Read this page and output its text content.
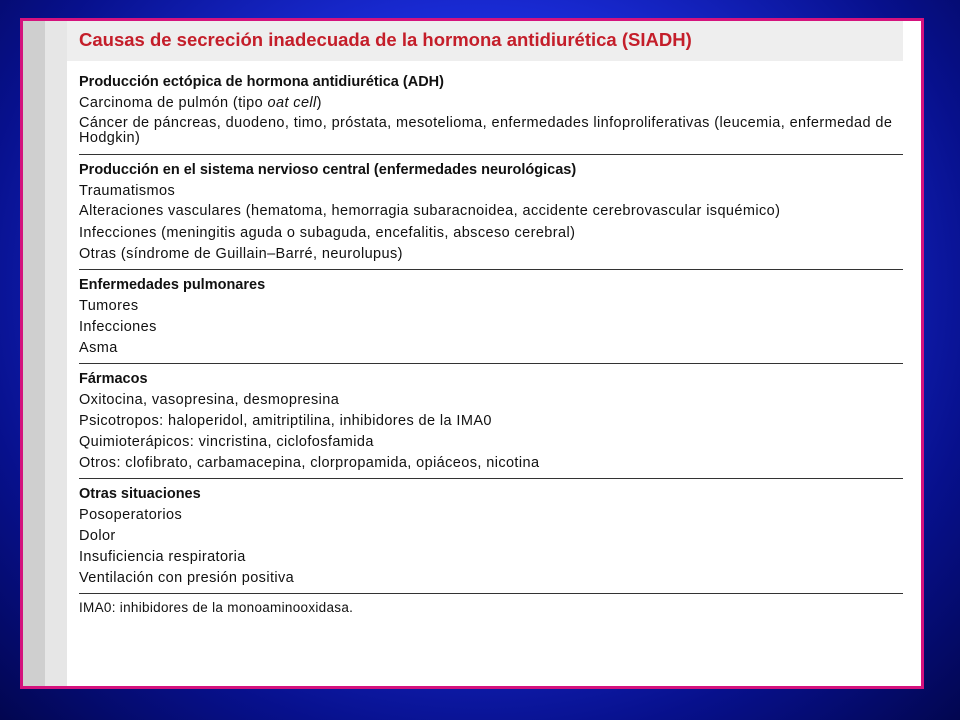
Causas de secreción inadecuada de la hormona antidiurética (SIADH)
Producción ectópica de hormona antidiurética (ADH)
Carcinoma de pulmón (tipo oat cell)
Cáncer de páncreas, duodeno, timo, próstata, mesotelioma, enfermedades linfoproliferativas (leucemia, enfermedad de Hodgkin)
Producción en el sistema nervioso central (enfermedades neurológicas)
Traumatismos
Alteraciones vasculares (hematoma, hemorragia subaracnoidea, accidente cerebrovascular isquémico)
Infecciones (meningitis aguda o subaguda, encefalitis, absceso cerebral)
Otras (síndrome de Guillain–Barré, neurolupus)
Enfermedades pulmonares
Tumores
Infecciones
Asma
Fármacos
Oxitocina, vasopresina, desmopresina
Psicotropos: haloperidol, amitriptilina, inhibidores de la IMA0
Quimioterápicos: vincristina, ciclofosfamida
Otros: clofibrato, carbamacepina, clorpropamida, opiáceos, nicotina
Otras situaciones
Posoperatorios
Dolor
Insuficiencia respiratoria
Ventilación con presión positiva
IMA0: inhibidores de la monoaminooxidasa.
